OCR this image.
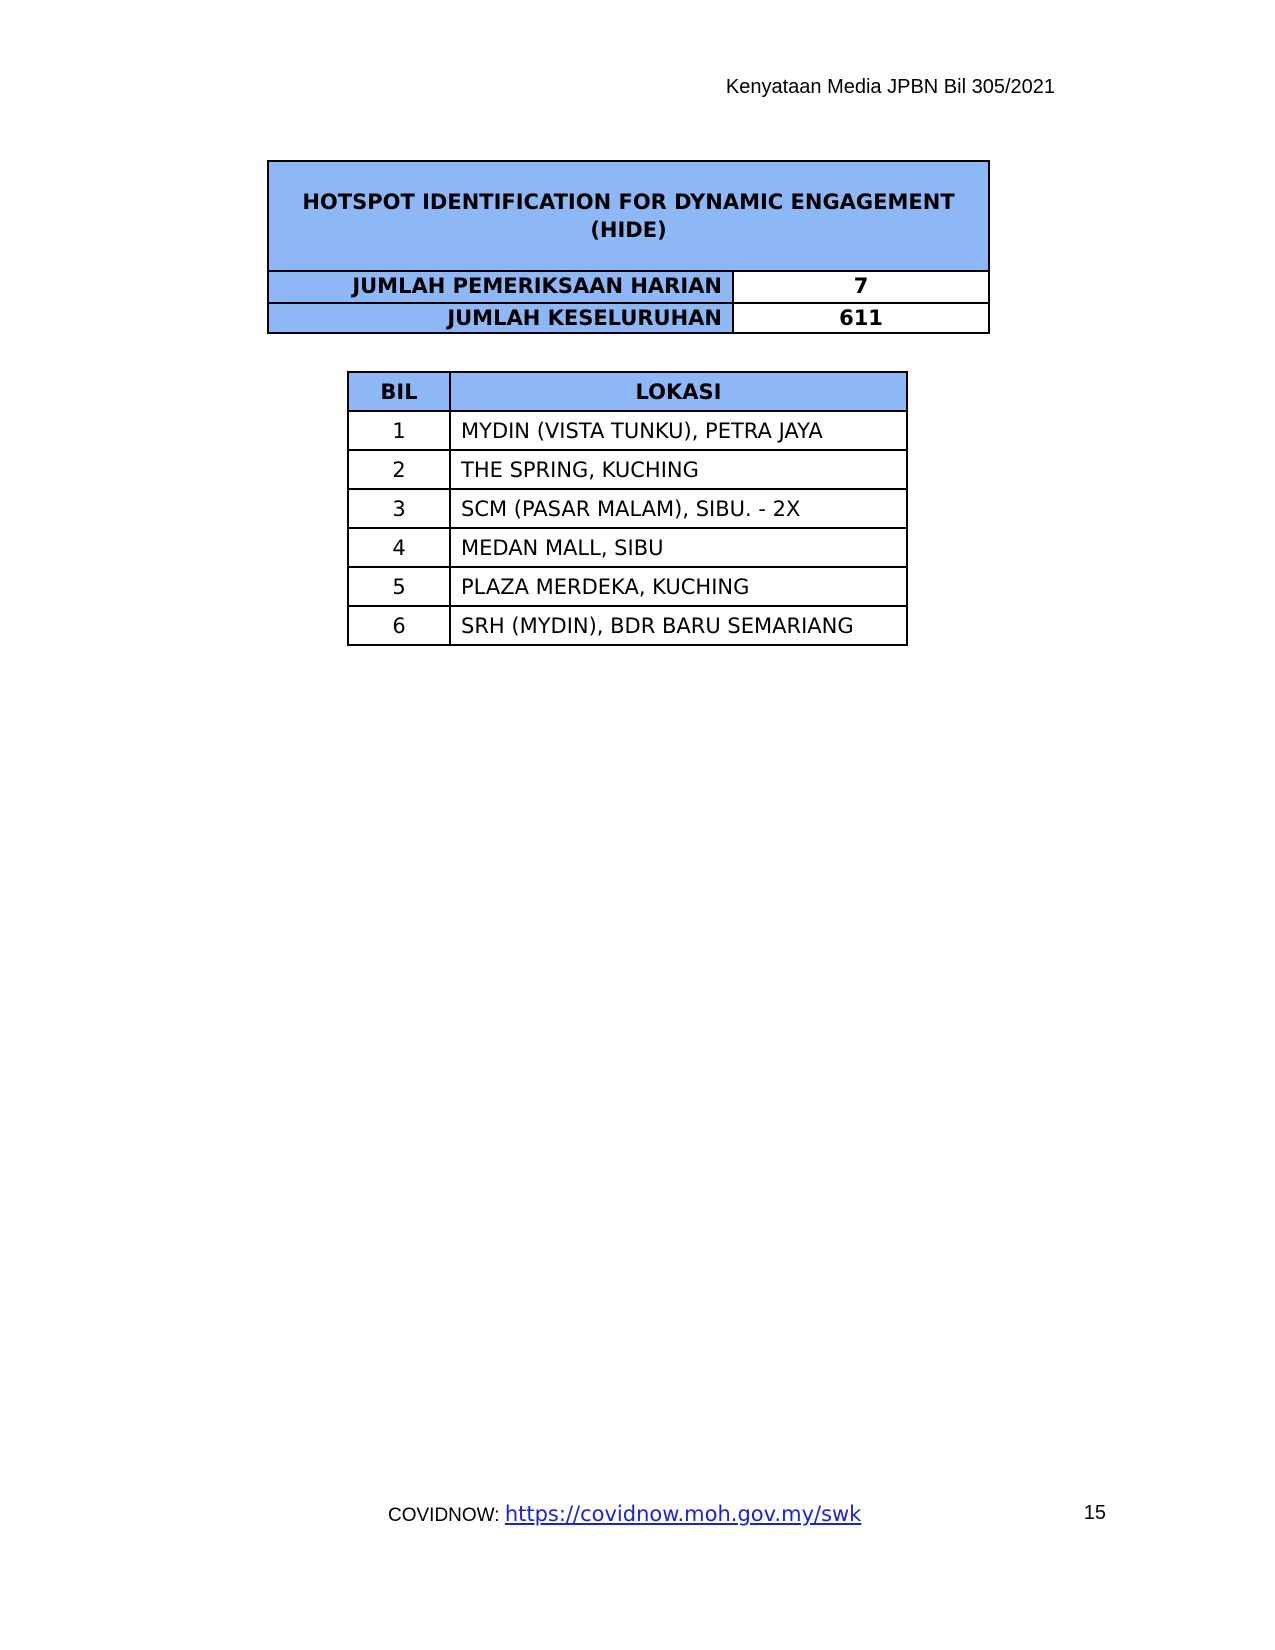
Kenyataan Media JPBN Bil 305/2021
HOTSPOT IDENTIFICATION FOR DYNAMIC ENGAGEMENT
(HIDE)
JUMLAH PEMERIKSAAN HARIAN	7
JUMLAH KESELURUHAN	611
BIL	LOKASI
1	MYDIN (VISTA TUNKU), PETRA JAYA
2	THE SPRING, KUCHING
3	SCM (PASAR MALAM), SIBU. - 2X
4	MEDAN MALL, SIBU
5	PLAZA MERDEKA, KUCHING
6	SRH (MYDIN), BDR BARU SEMARIANG
COVIDNOW: https://covidnow.moh.gov.my/swk	15
